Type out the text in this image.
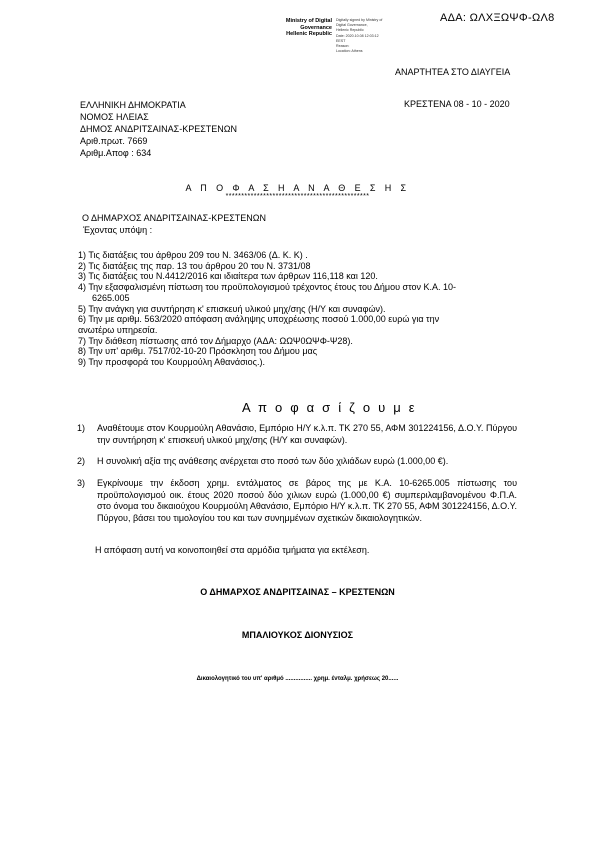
ΑΔΑ: ΩΛΧΞΩΨΦ-ΩΛ8
Ministry of Digital
Governance
Hellenic Republic
Digitally signed by Ministry of
Digital Governance,
Hellenic Republic
Date: 2020.10.08 12:03:12
EEST
Reason:
Location: Athens
ΑΝΑΡΤΗΤΕΑ ΣΤΟ ΔΙΑΥΓΕΙΑ
ΕΛΛΗΝΙΚΗ ΔΗΜΟΚΡΑΤΙΑ
ΝΟΜΟΣ ΗΛΕΙΑΣ
ΔΗΜΟΣ ΑΝΔΡΙΤΣΑΙΝΑΣ-ΚΡΕΣΤΕΝΩΝ
Αριθ.πρωτ. 7669
Αριθμ.Αποφ : 634
ΚΡΕΣΤΕΝΑ 08 - 10 - 2020
Α Π Ο Φ Α Σ Η Α Ν Α Θ Ε Σ Η Σ
**********************************************
Ο ΔΗΜΑΡΧΟΣ ΑΝΔΡΙΤΣΑΙΝΑΣ-ΚΡΕΣΤΕΝΩΝ
Έχοντας υπόψη :
1) Τις διατάξεις του άρθρου 209 του Ν. 3463/06 (Δ. Κ. Κ) .
2) Τις διατάξεις της παρ. 13 του άρθρου 20 του Ν. 3731/08
3) Τις διατάξεις του Ν.4412/2016 και ιδιαίτερα των άρθρων 116,118 και 120.
4) Την εξασφαλισμένη πίστωση του προϋπολογισμού τρέχοντος έτους του Δήμου στον Κ.Α. 10-
6265.005
5) Την ανάγκη για συντήρηση κ' επισκευή υλικού μηχ/σης (Η/Υ και συναφών).
6) Την με αριθμ. 563/2020 απόφαση ανάληψης υποχρέωσης ποσού 1.000,00 ευρώ για την
ανωτέρω υπηρεσία.
7) Την διάθεση πίστωσης από τον Δήμαρχο (ΑΔΑ: ΩΩΨ0ΩΨΦ-Ψ28).
8) Την υπ' αριθμ. 7517/02-10-20 Πρόσκληση του Δήμου μας
9) Την προσφορά του Κουρμούλη Αθανάσιος.).
Α π ο φ α σ ί ζ ο υ μ ε
1) Αναθέτουμε στον Κουρμούλη Αθανάσιο, Εμπόριο Η/Υ κ.λ.π. ΤΚ 270 55, ΑΦΜ 301224156, Δ.Ο.Υ. Πύργου την συντήρηση κ' επισκευή υλικού μηχ/σης (Η/Υ και συναφών).
2) Η συνολική αξία της ανάθεσης ανέρχεται στο ποσό των δύο χιλιάδων ευρώ (1.000,00 €).
3) Εγκρίνουμε την έκδοση χρημ. εντάλματος σε βάρος της με Κ.Α. 10-6265.005 πίστωσης του προϋπολογισμού οικ. έτους 2020 ποσού δύο χιλιων ευρώ (1.000,00 €) συμπεριλαμβανομένου Φ.Π.Α. στο όνομα του δικαιούχου Κουρμούλη Αθανάσιο, Εμπόριο Η/Υ κ.λ.π. ΤΚ 270 55, ΑΦΜ 301224156, Δ.Ο.Υ. Πύργου, βάσει του τιμολογίου του και των συνημμένων σχετικών δικαιολογητικών.
Η απόφαση αυτή να κοινοποιηθεί στα αρμόδια τμήματα για εκτέλεση.
Ο ΔΗΜΑΡΧΟΣ ΑΝΔΡΙΤΣΑΙΝΑΣ – ΚΡΕΣΤΕΝΩΝ
ΜΠΑΛΙΟΥΚΟΣ ΔΙΟΝΥΣΙΟΣ
Δικαιολογητικό του υπ' αριθμό ................ χρημ. ένταλμ. χρήσεως 20......
